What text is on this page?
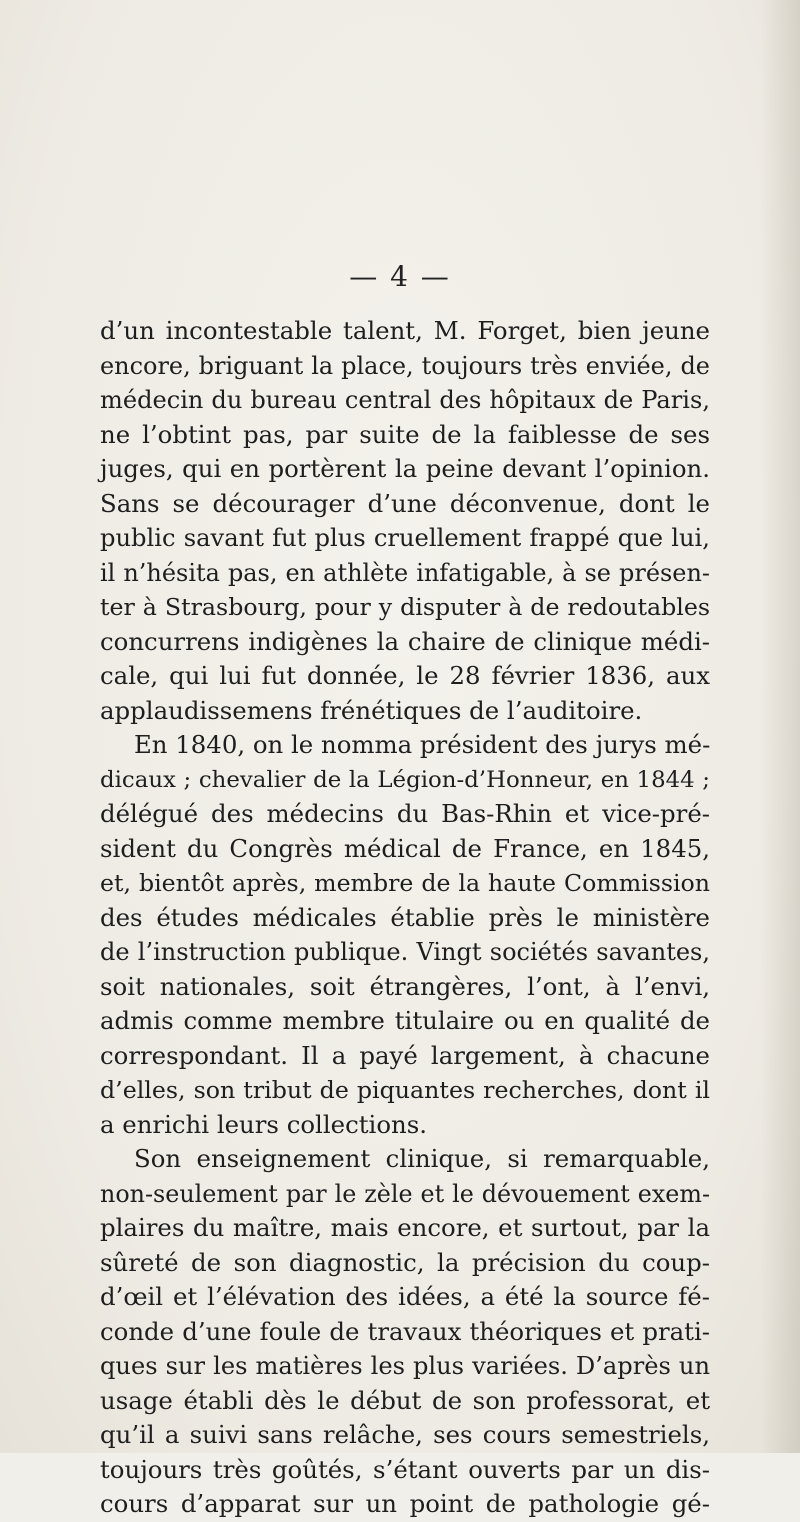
— 4 —
d’un incontestable talent, M. Forget, bien jeune
encore, briguant la place, toujours très enviée, de
médecin du bureau central des hôpitaux de Paris,
ne l’obtint pas, par suite de la faiblesse de ses
juges, qui en portèrent la peine devant l’opinion.
Sans se décourager d’une déconvenue, dont le
public savant fut plus cruellement frappé que lui,
il n’hésita pas, en athlète infatigable, à se présen-
ter à Strasbourg, pour y disputer à de redoutables
concurrens indigènes la chaire de clinique médi-
cale, qui lui fut donnée, le 28 février 1836, aux
applaudissemens frénétiques de l’auditoire.
En 1840, on le nomma président des jurys mé-
dicaux ; chevalier de la Légion-d’Honneur, en 1844 ;
délégué des médecins du Bas-Rhin et vice-pré-
sident du Congrès médical de France, en 1845,
et, bientôt après, membre de la haute Commission
des études médicales établie près le ministère
de l’instruction publique. Vingt sociétés savantes,
soit nationales, soit étrangères, l’ont, à l’envi,
admis comme membre titulaire ou en qualité de
correspondant. Il a payé largement, à chacune
d’elles, son tribut de piquantes recherches, dont il
a enrichi leurs collections.
Son enseignement clinique, si remarquable,
non-seulement par le zèle et le dévouement exem-
plaires du maître, mais encore, et surtout, par la
sûreté de son diagnostic, la précision du coup-
d’œil et l’élévation des idées, a été la source fé-
conde d’une foule de travaux théoriques et prati-
ques sur les matières les plus variées. D’après un
usage établi dès le début de son professorat, et
qu’il a suivi sans relâche, ses cours semestriels,
toujours très goûtés, s’étant ouverts par un dis-
cours d’apparat sur un point de pathologie gé-
